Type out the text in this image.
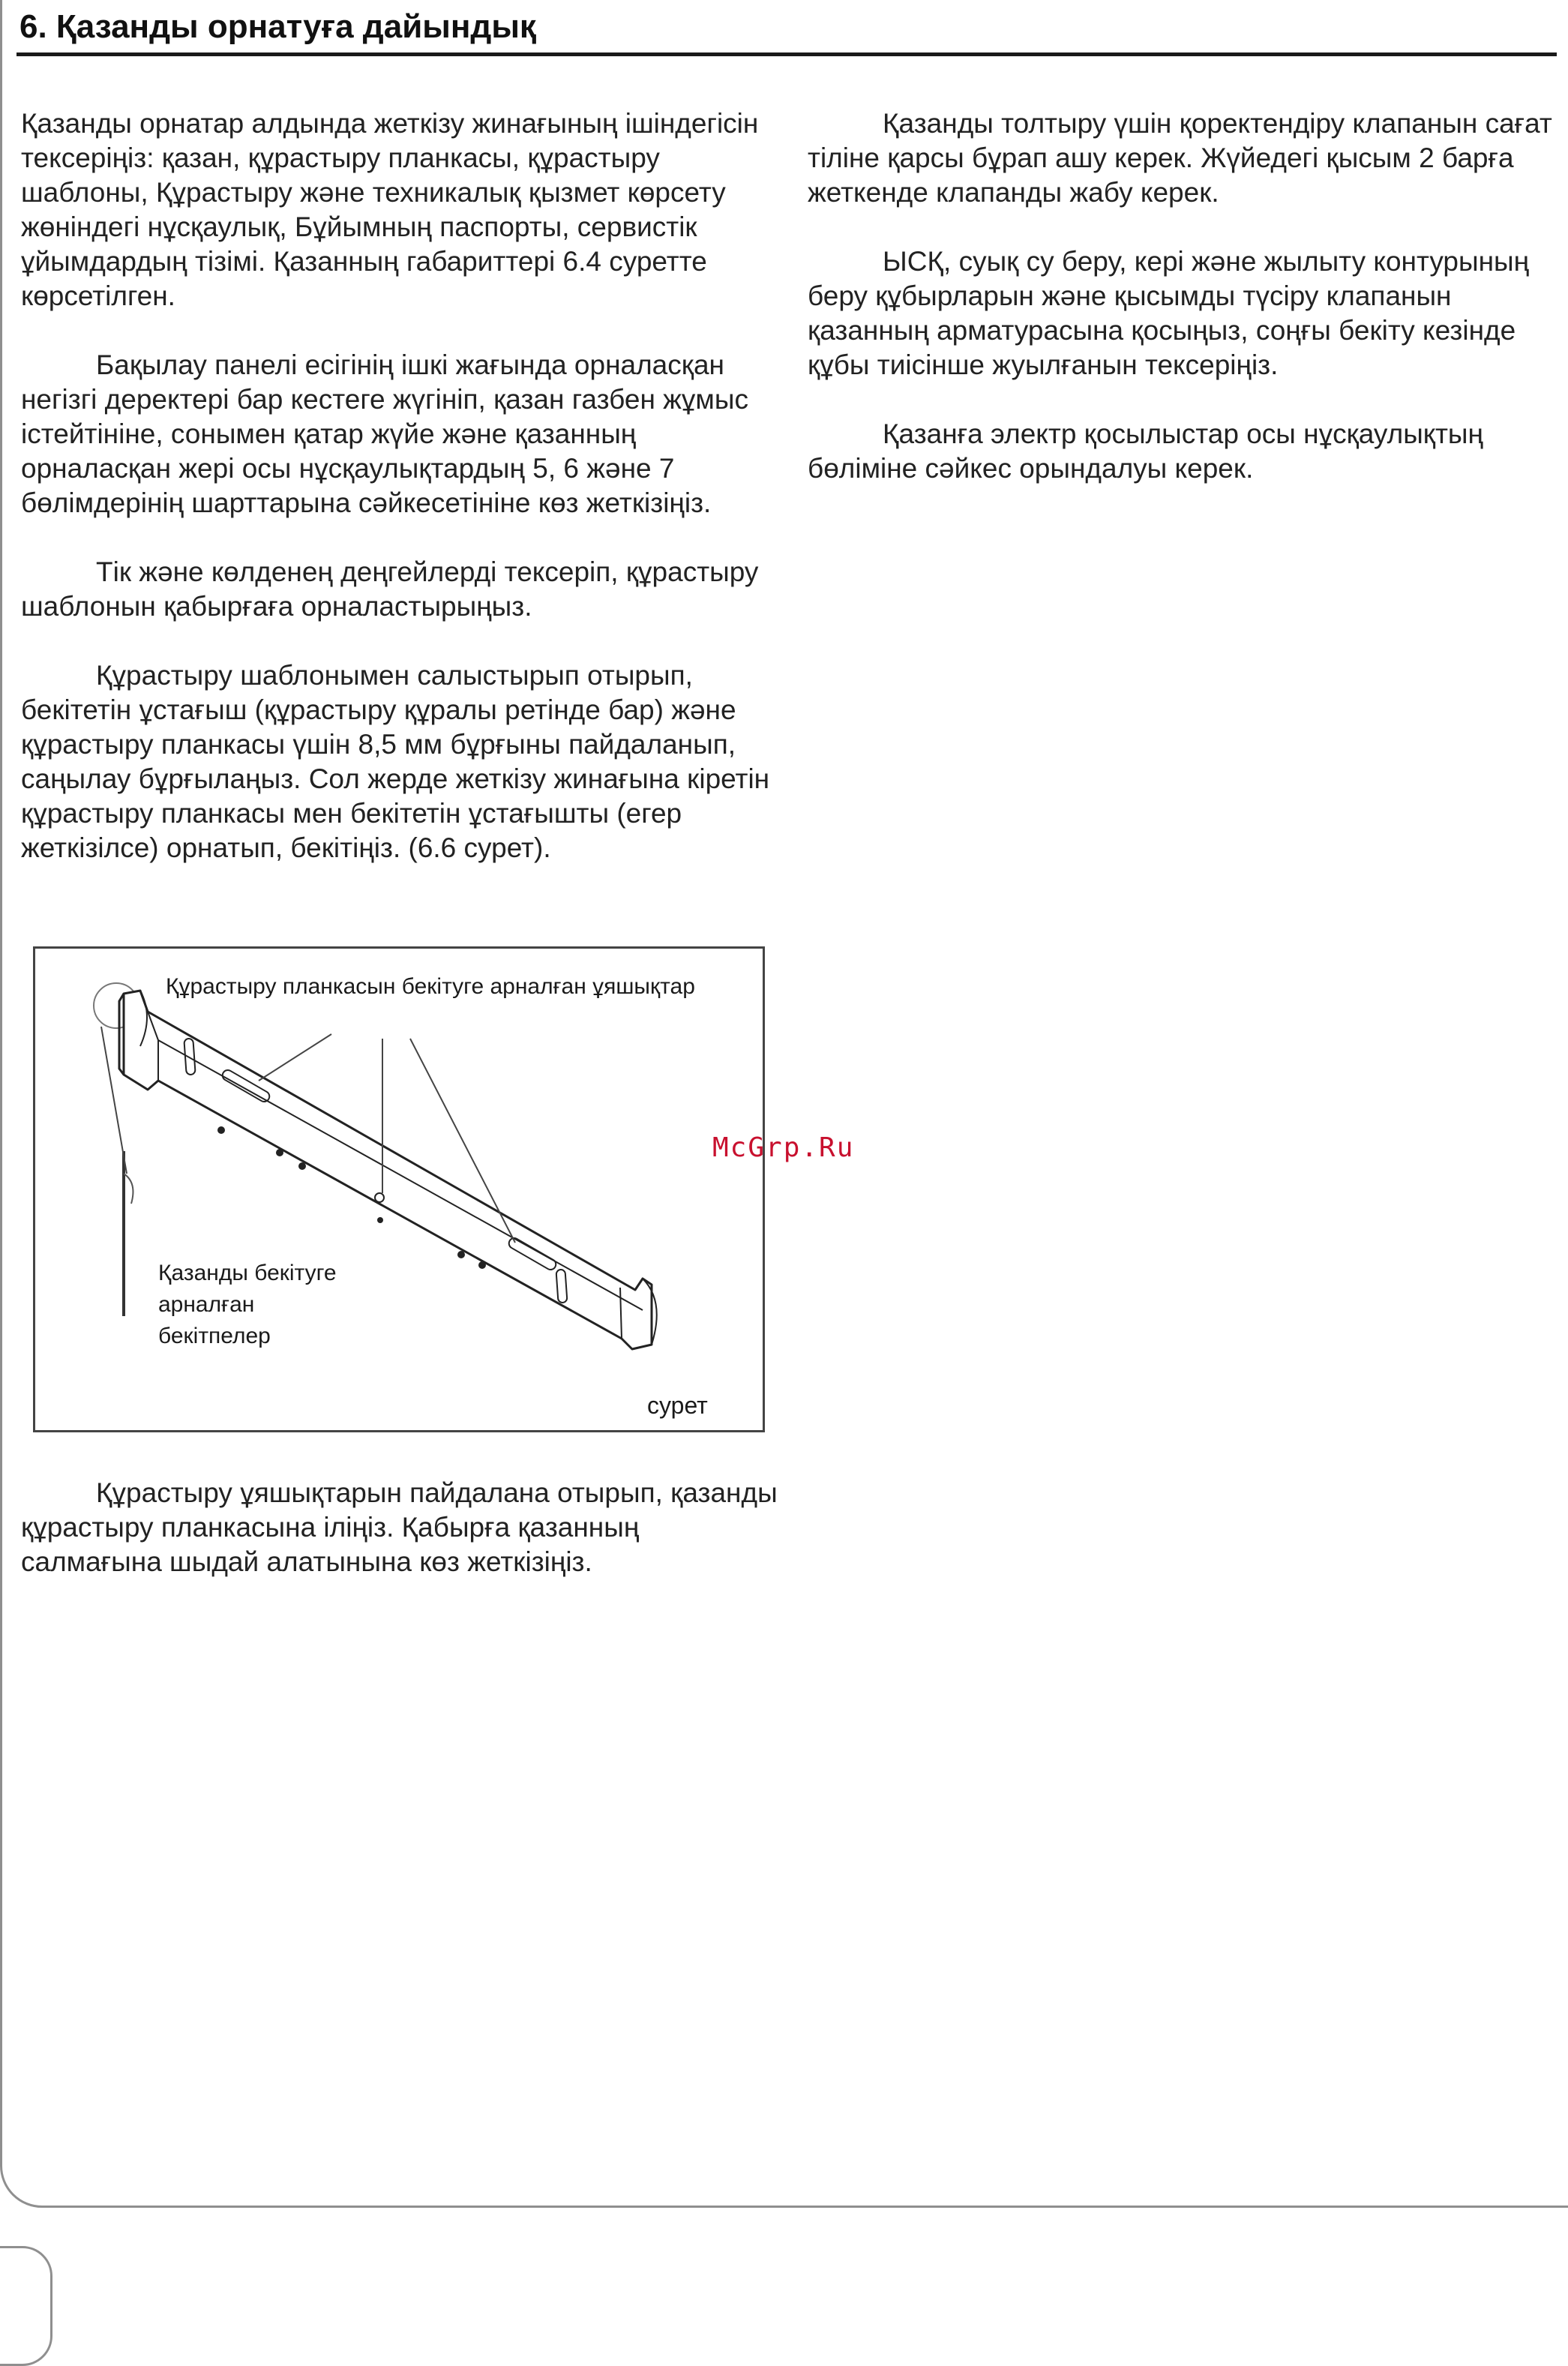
6. Қазанды орнатуға дайындық

Қазанды орнатар алдында жеткізу жинағының ішіндегісін тексеріңіз: қазан, құрастыру планкасы, құрастыру шаблоны, Құрастыру және техникалық қызмет көрсету жөніндегі нұсқаулық, Бұйымның паспорты, сервистік ұйымдардың тізімі. Қазанның габариттері 6.4 суретте көрсетілген.

Бақылау панелі есігінің ішкі жағында орналасқан негізгі деректері бар кестеге жүгініп, қазан газбен жұмыс істейтініне, сонымен қатар жүйе және қазанның орналасқан жері осы нұсқаулықтардың 5, 6 және 7 бөлімдерінің шарттарына сәйкесетініне көз жеткізіңіз.

Тік және көлденең деңгейлерді тексеріп, құрастыру шаблонын қабырғаға орналастырыңыз.

Құрастыру шаблонымен салыстырып отырып, бекітетін ұстағыш (құрастыру құралы ретінде бар) және құрастыру планкасы үшін 8,5 мм бұрғыны пайдаланып, саңылау бұрғылаңыз. Сол жерде жеткізу жинағына кіретін құрастыру планкасы мен бекітетін ұстағышты (егер жеткізілсе) орнатып, бекітіңіз. (6.6 сурет).

Құрастыру планкасын бекітуге арналған ұяшықтар
Қазанды бекітуге
арналған
бекітпелер
сурет

Құрастыру ұяшықтарын пайдалана отырып, қазанды құрастыру планкасына іліңіз. Қабырға қазанның салмағына шыдай алатынына көз жеткізіңіз.

Қазанды толтыру үшін қоректендіру клапанын сағат тіліне қарсы бұрап ашу керек. Жүйедегі қысым 2 барға жеткенде клапанды жабу керек.

ЫСҚ, суық су беру, кері және жылыту контурының беру құбырларын және қысымды түсіру клапанын қазанның арматурасына қосыңыз, соңғы бекіту кезінде құбы тиісінше жуылғанын тексеріңіз.

Қазанға электр қосылыстар осы нұсқаулықтың бөліміне сәйкес орындалуы керек.

McGrp.Ru
